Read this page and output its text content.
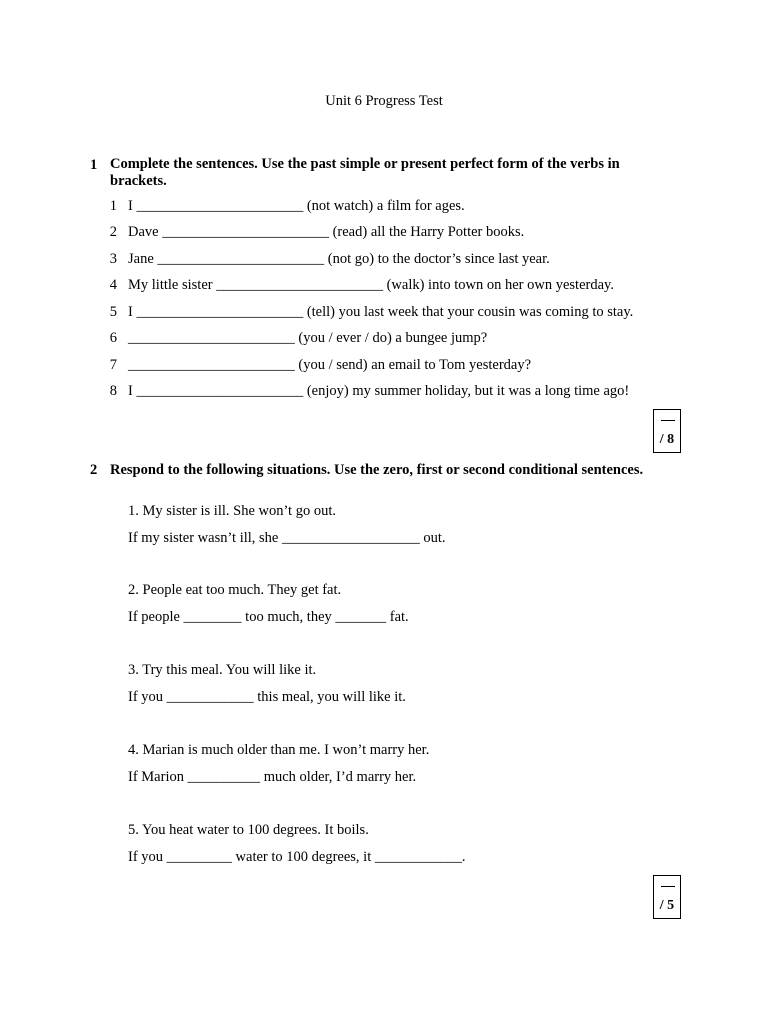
Unit 6 Progress Test
1 Complete the sentences. Use the past simple or present perfect form of the verbs in brackets.
1 I _______________________ (not watch) a film for ages.
2 Dave _______________________ (read) all the Harry Potter books.
3 Jane _______________________ (not go) to the doctor’s since last year.
4 My little sister _______________________ (walk) into town on her own yesterday.
5 I _______________________ (tell) you last week that your cousin was coming to stay.
6 _______________________ (you / ever / do) a bungee jump?
7 _______________________ (you / send) an email to Tom yesterday?
8 I _______________________ (enjoy) my summer holiday, but it was a long time ago!
/ 8
2 Respond to the following situations. Use the zero, first or second conditional sentences.
1. My sister is ill. She won’t go out.
If my sister wasn’t ill, she ___________________ out.
2. People eat too much. They get fat.
If people ________ too much, they _______ fat.
3. Try this meal. You will like it.
If you ____________ this meal, you will like it.
4. Marian is much older than me. I won’t marry her.
If Marion __________ much older, I’d marry her.
5. You heat water to 100 degrees. It boils.
If you _________ water to 100 degrees, it ____________.
/ 5
